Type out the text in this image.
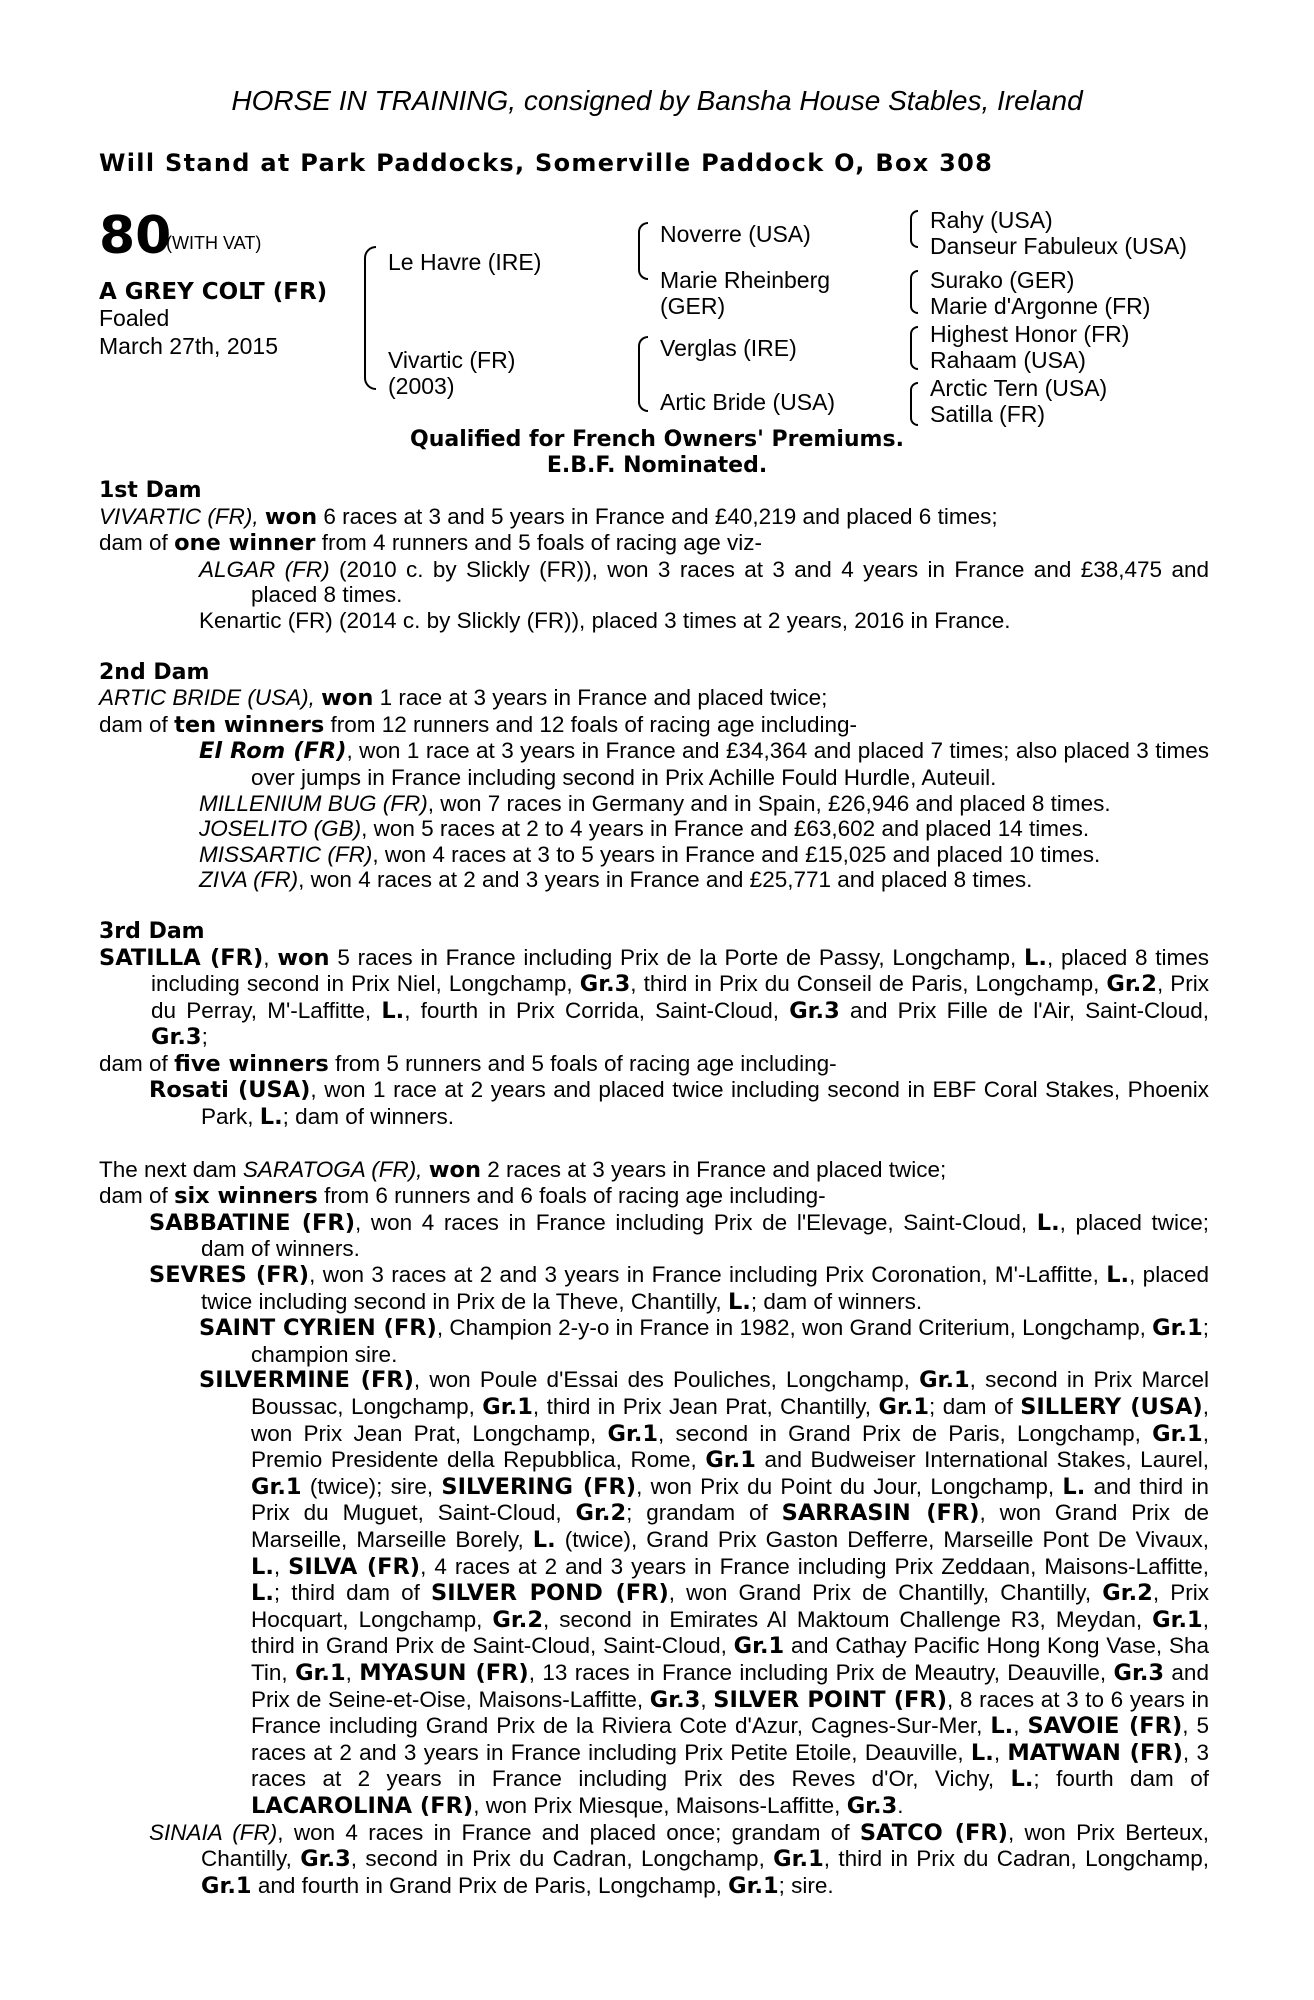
HORSE IN TRAINING, consigned by Bansha House Stables, Ireland
Will Stand at Park Paddocks, Somerville Paddock O, Box 308
80
(WITH VAT)
A GREY COLT (FR)
Foaled
March 27th, 2015
Le Havre (IRE)
Vivartic (FR)
(2003)
Noverre (USA)
Marie Rheinberg
(GER)
Verglas (IRE)
Artic Bride (USA)
Rahy (USA)
Danseur Fabuleux (USA)
Surako (GER)
Marie d'Argonne (FR)
Highest Honor (FR)
Rahaam (USA)
Arctic Tern (USA)
Satilla (FR)
Qualified for French Owners' Premiums.
E.B.F. Nominated.

1st Dam

VIVARTIC (FR), won 6 races at 3 and 5 years in France and £40,219 and placed 6 times;

dam of one winner from 4 runners and 5 foals of racing age viz-

ALGAR (FR) (2010 c. by Slickly (FR)), won 3 races at 3 and 4 years in France and £38,475 and placed 8 times.

Kenartic (FR) (2014 c. by Slickly (FR)), placed 3 times at 2 years, 2016 in France.

2nd Dam

ARTIC BRIDE (USA), won 1 race at 3 years in France and placed twice;

dam of ten winners from 12 runners and 12 foals of racing age including-

El Rom (FR), won 1 race at 3 years in France and £34,364 and placed 7 times; also placed 3 times over jumps in France including second in Prix Achille Fould Hurdle, Auteuil.

MILLENIUM BUG (FR), won 7 races in Germany and in Spain, £26,946 and placed 8 times.

JOSELITO (GB), won 5 races at 2 to 4 years in France and £63,602 and placed 14 times.

MISSARTIC (FR), won 4 races at 3 to 5 years in France and £15,025 and placed 10 times.

ZIVA (FR), won 4 races at 2 and 3 years in France and £25,771 and placed 8 times.

3rd Dam

SATILLA (FR), won 5 races in France including Prix de la Porte de Passy, Longchamp, L., placed 8 times including second in Prix Niel, Longchamp, Gr.3, third in Prix du Conseil de Paris, Longchamp, Gr.2, Prix du Perray, M'-Laffitte, L., fourth in Prix Corrida, Saint-Cloud, Gr.3 and Prix Fille de l'Air, Saint-Cloud, Gr.3;

dam of five winners from 5 runners and 5 foals of racing age including-

Rosati (USA), won 1 race at 2 years and placed twice including second in EBF Coral Stakes, Phoenix Park, L.; dam of winners.

The next dam SARATOGA (FR), won 2 races at 3 years in France and placed twice;

dam of six winners from 6 runners and 6 foals of racing age including-

SABBATINE (FR), won 4 races in France including Prix de l'Elevage, Saint-Cloud, L., placed twice; dam of winners.

SEVRES (FR), won 3 races at 2 and 3 years in France including Prix Coronation, M'-Laffitte, L., placed twice including second in Prix de la Theve, Chantilly, L.; dam of winners.

SAINT CYRIEN (FR), Champion 2-y-o in France in 1982, won Grand Criterium, Longchamp, Gr.1; champion sire.

SILVERMINE (FR), won Poule d'Essai des Pouliches, Longchamp, Gr.1, second in Prix Marcel Boussac, Longchamp, Gr.1, third in Prix Jean Prat, Chantilly, Gr.1; dam of SILLERY (USA), won Prix Jean Prat, Longchamp, Gr.1, second in Grand Prix de Paris, Longchamp, Gr.1, Premio Presidente della Repubblica, Rome, Gr.1 and Budweiser International Stakes, Laurel, Gr.1 (twice); sire, SILVERING (FR), won Prix du Point du Jour, Longchamp, L. and third in Prix du Muguet, Saint-Cloud, Gr.2; grandam of SARRASIN (FR), won Grand Prix de Marseille, Marseille Borely, L. (twice), Grand Prix Gaston Defferre, Marseille Pont De Vivaux, L., SILVA (FR), 4 races at 2 and 3 years in France including Prix Zeddaan, Maisons-Laffitte, L.; third dam of SILVER POND (FR), won Grand Prix de Chantilly, Chantilly, Gr.2, Prix Hocquart, Longchamp, Gr.2, second in Emirates Al Maktoum Challenge R3, Meydan, Gr.1, third in Grand Prix de Saint-Cloud, Saint-Cloud, Gr.1 and Cathay Pacific Hong Kong Vase, Sha Tin, Gr.1, MYASUN (FR), 13 races in France including Prix de Meautry, Deauville, Gr.3 and Prix de Seine-et-Oise, Maisons-Laffitte, Gr.3, SILVER POINT (FR), 8 races at 3 to 6 years in France including Grand Prix de la Riviera Cote d'Azur, Cagnes-Sur-Mer, L., SAVOIE (FR), 5 races at 2 and 3 years in France including Prix Petite Etoile, Deauville, L., MATWAN (FR), 3 races at 2 years in France including Prix des Reves d'Or, Vichy, L.; fourth dam of LACAROLINA (FR), won Prix Miesque, Maisons-Laffitte, Gr.3.

SINAIA (FR), won 4 races in France and placed once; grandam of SATCO (FR), won Prix Berteux, Chantilly, Gr.3, second in Prix du Cadran, Longchamp, Gr.1, third in Prix du Cadran, Longchamp, Gr.1 and fourth in Grand Prix de Paris, Longchamp, Gr.1; sire.
